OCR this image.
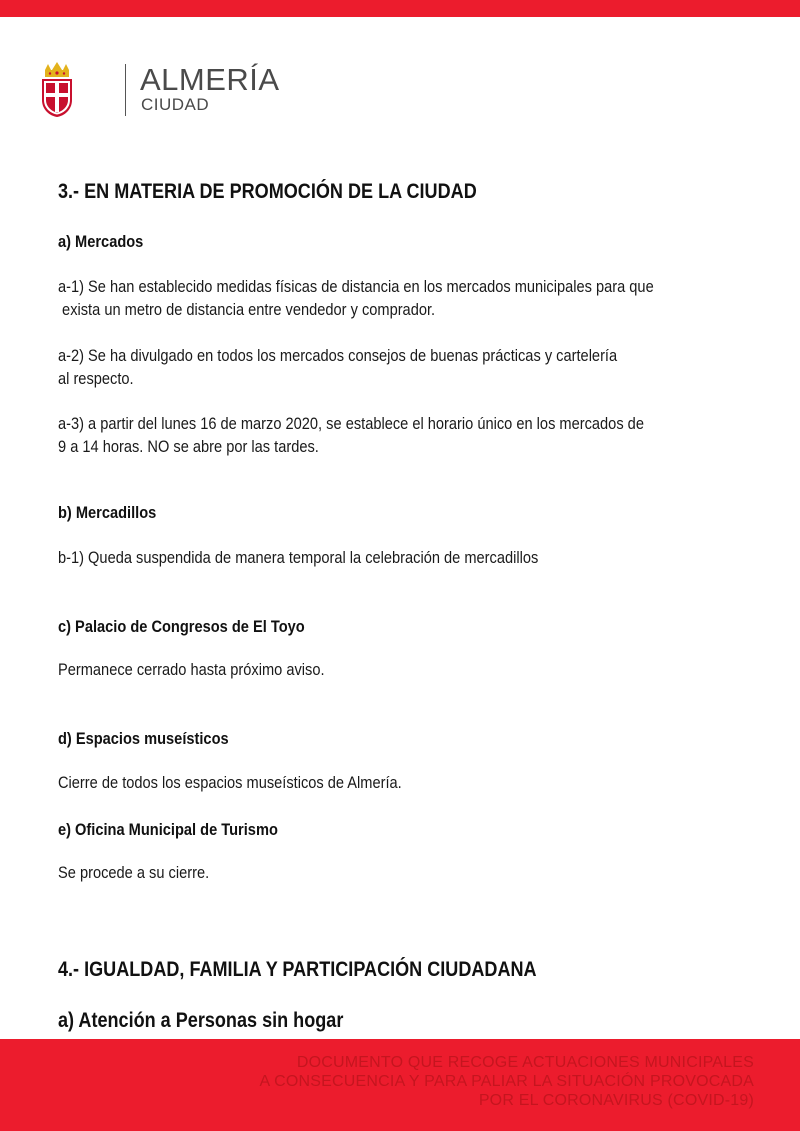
ALMERÍA
CIUDAD
3.- EN MATERIA DE PROMOCIÓN DE LA CIUDAD
a) Mercados
a-1) Se han establecido medidas físicas de distancia en los mercados municipales para que
exista un metro de distancia entre vendedor y comprador.
a-2) Se ha divulgado en todos los mercados consejos de buenas prácticas y cartelería
al respecto.
a-3) a partir del lunes 16 de marzo 2020, se establece el horario único en los mercados de
9 a 14 horas. NO se abre por las tardes.
b) Mercadillos
b-1) Queda suspendida de manera temporal la celebración de mercadillos
c) Palacio de Congresos de El Toyo
Permanece cerrado hasta próximo aviso.
d) Espacios museísticos
Cierre de todos los espacios museísticos de Almería.
e) Oficina Municipal de Turismo
Se procede a su cierre.
4.- IGUALDAD, FAMILIA Y PARTICIPACIÓN CIUDADANA
a) Atención a Personas sin hogar
DOCUMENTO QUE RECOGE ACTUACIONES MUNICIPALES
A CONSECUENCIA Y PARA PALIAR LA SITUACIÓN PROVOCADA
POR EL CORONAVIRUS (COVID-19)
